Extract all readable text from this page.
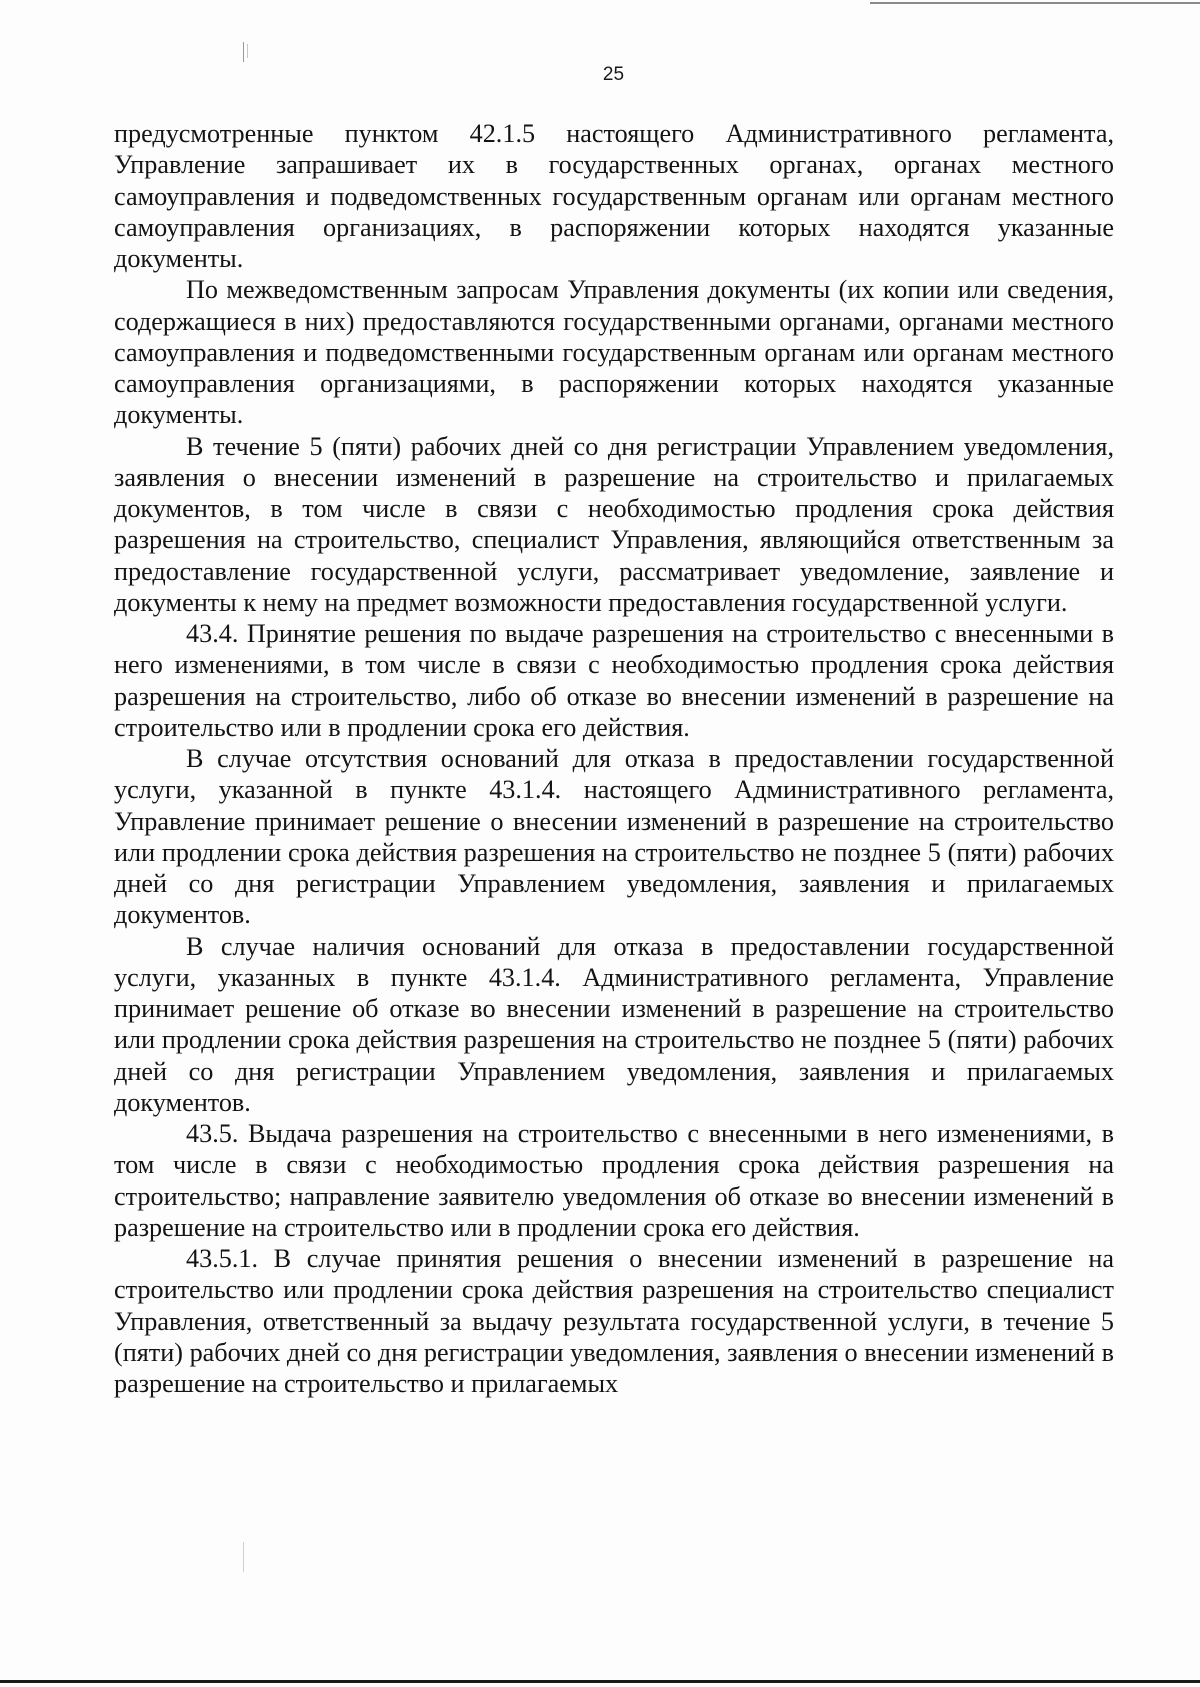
25

предусмотренные пунктом 42.1.5 настоящего Административного регламента, Управление запрашивает их в государственных органах, органах местного самоуправления и подведомственных государственным органам или органам местного самоуправления организациях, в распоряжении которых находятся указанные документы.

По межведомственным запросам Управления документы (их копии или сведения, содержащиеся в них) предоставляются государственными органами, органами местного самоуправления и подведомственными государственным органам или органам местного самоуправления организациями, в распоряжении которых находятся указанные документы.

В течение 5 (пяти) рабочих дней со дня регистрации Управлением уведомления, заявления о внесении изменений в разрешение на строительство и прилагаемых документов, в том числе в связи с необходимостью продления срока действия разрешения на строительство, специалист Управления, являющийся ответственным за предоставление государственной услуги, рассматривает уведомление, заявление и документы к нему на предмет возможности предоставления государственной услуги.

43.4. Принятие решения по выдаче разрешения на строительство с внесенными в него изменениями, в том числе в связи с необходимостью продления срока действия разрешения на строительство, либо об отказе во внесении изменений в разрешение на строительство или в продлении срока его действия.

В случае отсутствия оснований для отказа в предоставлении государственной услуги, указанной в пункте 43.1.4. настоящего Административного регламента, Управление принимает решение о внесении изменений в разрешение на строительство или продлении срока действия разрешения на строительство не позднее 5 (пяти) рабочих дней со дня регистрации Управлением уведомления, заявления и прилагаемых документов.

В случае наличия оснований для отказа в предоставлении государственной услуги, указанных в пункте 43.1.4. Административного регламента, Управление принимает решение об отказе во внесении изменений в разрешение на строительство или продлении срока действия разрешения на строительство не позднее 5 (пяти) рабочих дней со дня регистрации Управлением уведомления, заявления и прилагаемых документов.

43.5. Выдача разрешения на строительство с внесенными в него изменениями, в том числе в связи с необходимостью продления срока действия разрешения на строительство; направление заявителю уведомления об отказе во внесении изменений в разрешение на строительство или в продлении срока его действия.

43.5.1. В случае принятия решения о внесении изменений в разрешение на строительство или продлении срока действия разрешения на строительство специалист Управления, ответственный за выдачу результата государственной услуги, в течение 5 (пяти) рабочих дней со дня регистрации уведомления, заявления о внесении изменений в разрешение на строительство и прилагаемых
